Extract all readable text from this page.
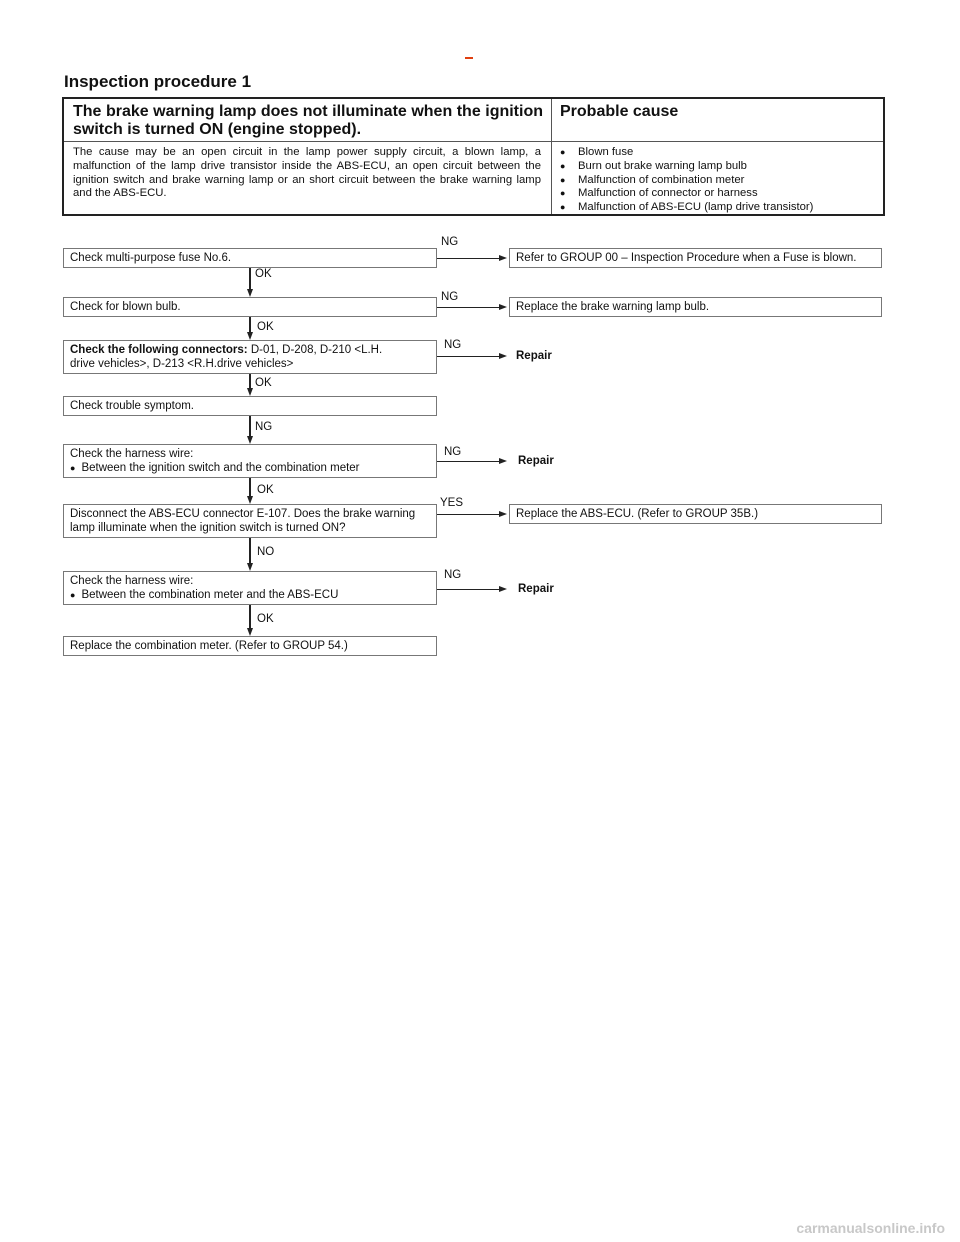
Inspection procedure 1
The brake warning lamp does not illuminate when the ignition switch is turned ON (engine stopped).
Probable cause
The cause may be an open circuit in the lamp power supply circuit, a blown lamp, a malfunction of the lamp drive transistor inside the ABS-ECU, an open circuit between the ignition switch and brake warning lamp or an short circuit between the brake warning lamp and the ABS-ECU.
● Blown fuse
● Burn out brake warning lamp bulb
● Malfunction of combination meter
● Malfunction of connector or harness
● Malfunction of ABS-ECU (lamp drive transistor)
Check multi-purpose fuse No.6.
Check for blown bulb.
Check the following connectors: D-01, D-208, D-210 <L.H.
drive vehicles>, D-213 <R.H.drive vehicles>
Check trouble symptom.
Check the harness wire:
● Between the ignition switch and the combination meter
Disconnect the ABS-ECU connector E-107. Does the brake warning
lamp illuminate when the ignition switch is turned ON?
Check the harness wire:
● Between the combination meter and the ABS-ECU
Replace the combination meter. (Refer to GROUP 54.)
Refer to GROUP 00 – Inspection Procedure when a Fuse is blown.
Replace the brake warning lamp bulb.
Repair
Repair
Replace the ABS-ECU. (Refer to GROUP 35B.)
Repair
NG
NG
NG
NG
YES
NG
OK
OK
OK
NG
OK
NO
OK
carmanualsonline.info
